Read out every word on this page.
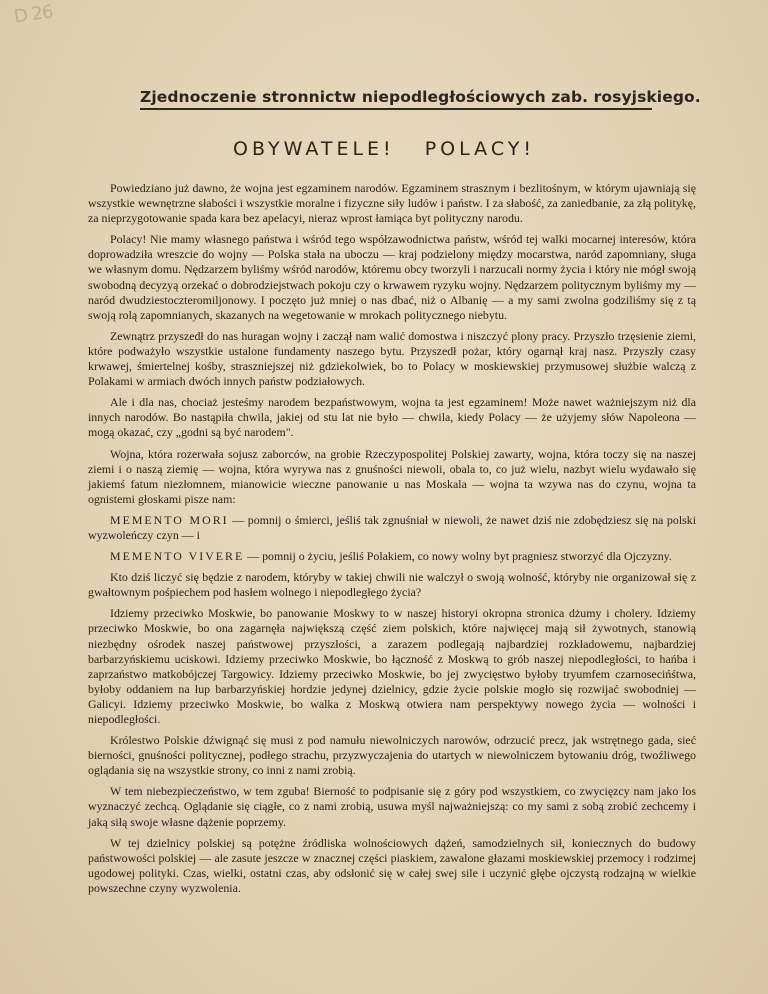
D 26
Zjednoczenie stronnictw niepodległościowych zab. rosyjskiego.
OBYWATELE! POLACY!

Powiedziano już dawno, że wojna jest egzaminem narodów. Egzaminem strasznym i bezlitośnym, w którym ujawniają się wszystkie wewnętrzne słabości i wszystkie moralne i fizyczne siły ludów i państw. I za słabość, za zaniedbanie, za złą politykę, za nieprzygotowanie spada kara bez apelacyi, nieraz wprost łamiąca byt polityczny narodu.

Polacy! Nie mamy własnego państwa i wśród tego współzawodnictwa państw, wśród tej walki mocarnej interesów, która doprowadziła wreszcie do wojny — Polska stała na uboczu — kraj podzielony między mocarstwa, naród zapomniany, sługa we własnym domu. Nędzarzem byliśmy wśród narodów, któremu obcy tworzyli i narzucali normy życia i który nie mógł swoją swobodną decyzyą orzekać o dobrodziejstwach pokoju czy o krwawem ryzyku wojny. Nędzarzem politycznym byliśmy my — naród dwudziestoczteromiljonowy. I poczęto już mniej o nas dbać, niż o Albanię — a my sami zwolna godziliśmy się z tą swoją rolą zapomnianych, skazanych na wegetowanie w mrokach politycznego niebytu.

Zewnątrz przyszedł do nas huragan wojny i zaczął nam walić domostwa i niszczyć plony pracy. Przyszło trzęsienie ziemi, które podważyło wszystkie ustalone fundamenty naszego bytu. Przyszedł pożar, który ogarnął kraj nasz. Przyszły czasy krwawej, śmiertelnej kośby, straszniejszej niż gdziekolwiek, bo to Polacy w moskiewskiej przymusowej służbie walczą z Polakami w armiach dwóch innych państw podziałowych.

Ale i dla nas, chociaż jesteśmy narodem bezpaństwowym, wojna ta jest egzaminem! Może nawet ważniejszym niż dla innych narodów. Bo nastąpiła chwila, jakiej od stu lat nie było — chwila, kiedy Polacy — że użyjemy słów Napoleona — mogą okazać, czy „godni są być narodem".

Wojna, która rozerwała sojusz zaborców, na grobie Rzeczypospolitej Polskiej zawarty, wojna, która toczy się na naszej ziemi i o naszą ziemię — wojna, która wyrywa nas z gnuśności niewoli, obala to, co już wielu, nazbyt wielu wydawało się jakiemś fatum niezłomnem, mianowicie wieczne panowanie u nas Moskala — wojna ta wzywa nas do czynu, wojna ta ognistemi głoskami pisze nam:

MEMENTO MORI — pomnij o śmierci, jeśliś tak zgnuśniał w niewoli, że nawet dziś nie zdobędziesz się na polski wyzwoleńczy czyn — i

MEMENTO VIVERE — pomnij o życiu, jeśliś Polakiem, co nowy wolny byt pragniesz stworzyć dla Ojczyzny.

Kto dziś liczyć się będzie z narodem, któryby w takiej chwili nie walczył o swoją wolność, któryby nie organizował się z gwałtownym pośpiechem pod hasłem wolnego i niepodległego życia?

Idziemy przeciwko Moskwie, bo panowanie Moskwy to w naszej historyi okropna stronica dżumy i cholery. Idziemy przeciwko Moskwie, bo ona zagarnęła największą część ziem polskich, które najwięcej mają sił żywotnych, stanowią niezbędny ośrodek naszej państwowej przyszłości, a zarazem podlegają najbardziej rozkładowemu, najbardziej barbarzyńskiemu uciskowi. Idziemy przeciwko Moskwie, bo łączność z Moskwą to grób naszej niepodległości, to hańba i zaprzaństwo matkobójczej Targowicy. Idziemy przeciwko Moskwie, bo jej zwycięstwo byłoby tryumfem czarnosecińśtwa, byłoby oddaniem na łup barbarzyńskiej hordzie jedynej dzielnicy, gdzie życie polskie mogło się rozwijać swobodniej — Galicyi. Idziemy przeciwko Moskwie, bo walka z Moskwą otwiera nam perspektywy nowego życia — wolności i niepodległości.

Królestwo Polskie dźwignąć się musi z pod namułu niewolniczych narowów, odrzucić precz, jak wstrętnego gada, sieć bierności, gnuśności politycznej, podłego strachu, przyzwyczajenia do utartych w niewolniczem bytowaniu dróg, twoźliwego oglądania się na wszystkie strony, co inni z nami zrobią.

W tem niebezpieczeństwo, w tem zguba! Bierność to podpisanie się z góry pod wszystkiem, co zwycięzcy nam jako los wyznaczyć zechcą. Oglądanie się ciągłe, co z nami zrobią, usuwa myśl najważniejszą: co my sami z sobą zrobić zechcemy i jaką siłą swoje własne dążenie poprzemy.

W tej dzielnicy polskiej są potężne źródliska wolnościowych dążeń, samodzielnych sił, koniecznych do budowy państwowości polskiej — ale zasute jeszcze w znacznej części piaskiem, zawalone głazami moskiewskiej przemocy i rodzimej ugodowej polityki. Czas, wielki, ostatni czas, aby odsłonić się w całej swej sile i uczynić głębe ojczystą rodzajną w wielkie powszechne czyny wyzwolenia.
